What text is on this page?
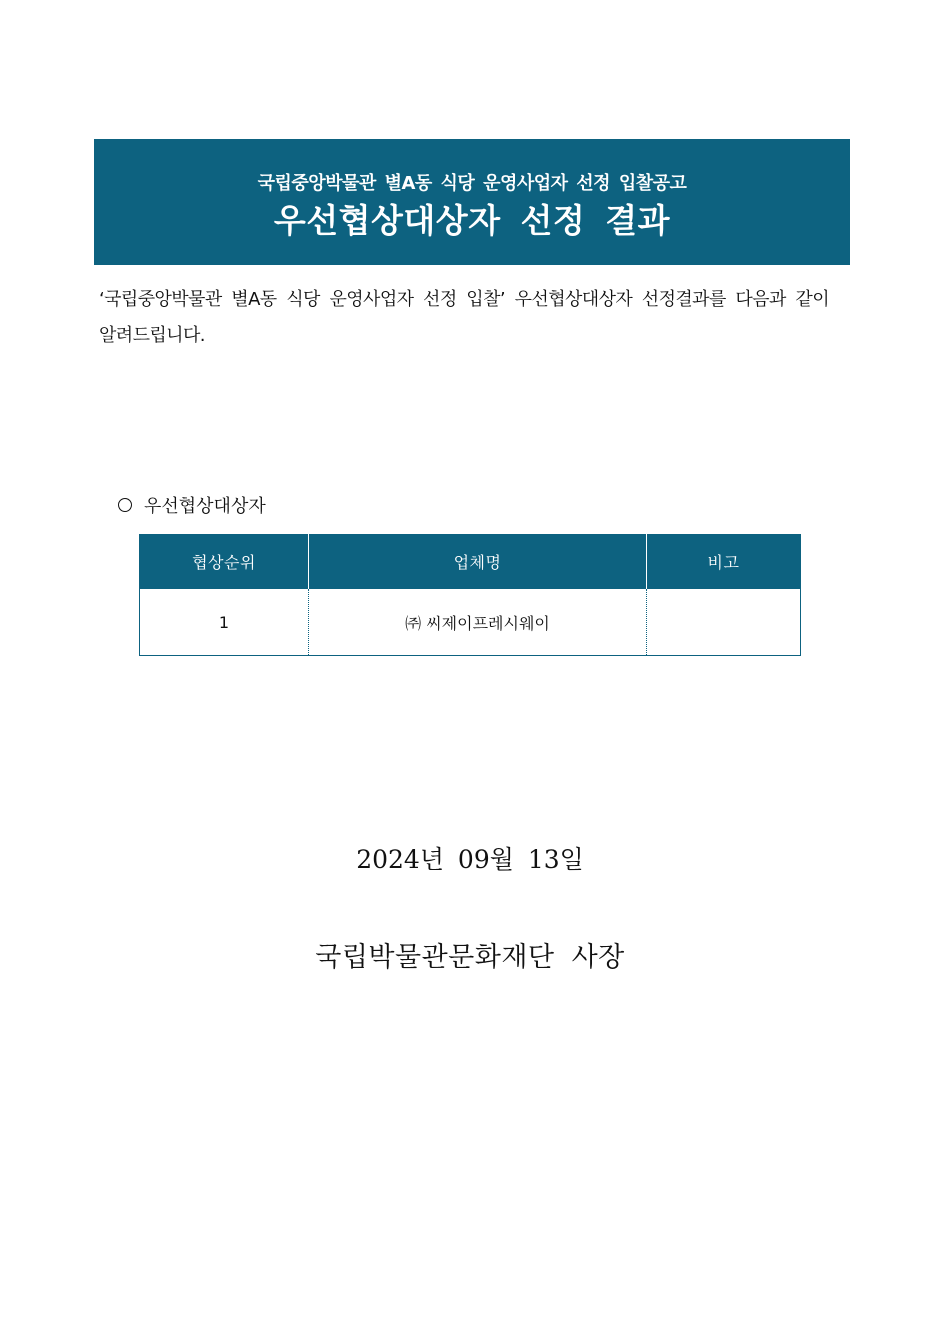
국립중앙박물관 별A동 식당 운영사업자 선정 입찰공고
우선협상대상자 선정 결과
‘국립중앙박물관 별A동 식당 운영사업자 선정 입찰’ 우선협상대상자 선정결과를 다음과 같이 알려드립니다.
우선협상대상자
협상순위	업체명	비고
1	㈜ 씨제이프레시웨이	
2024년 09월 13일
국립박물관문화재단 사장
